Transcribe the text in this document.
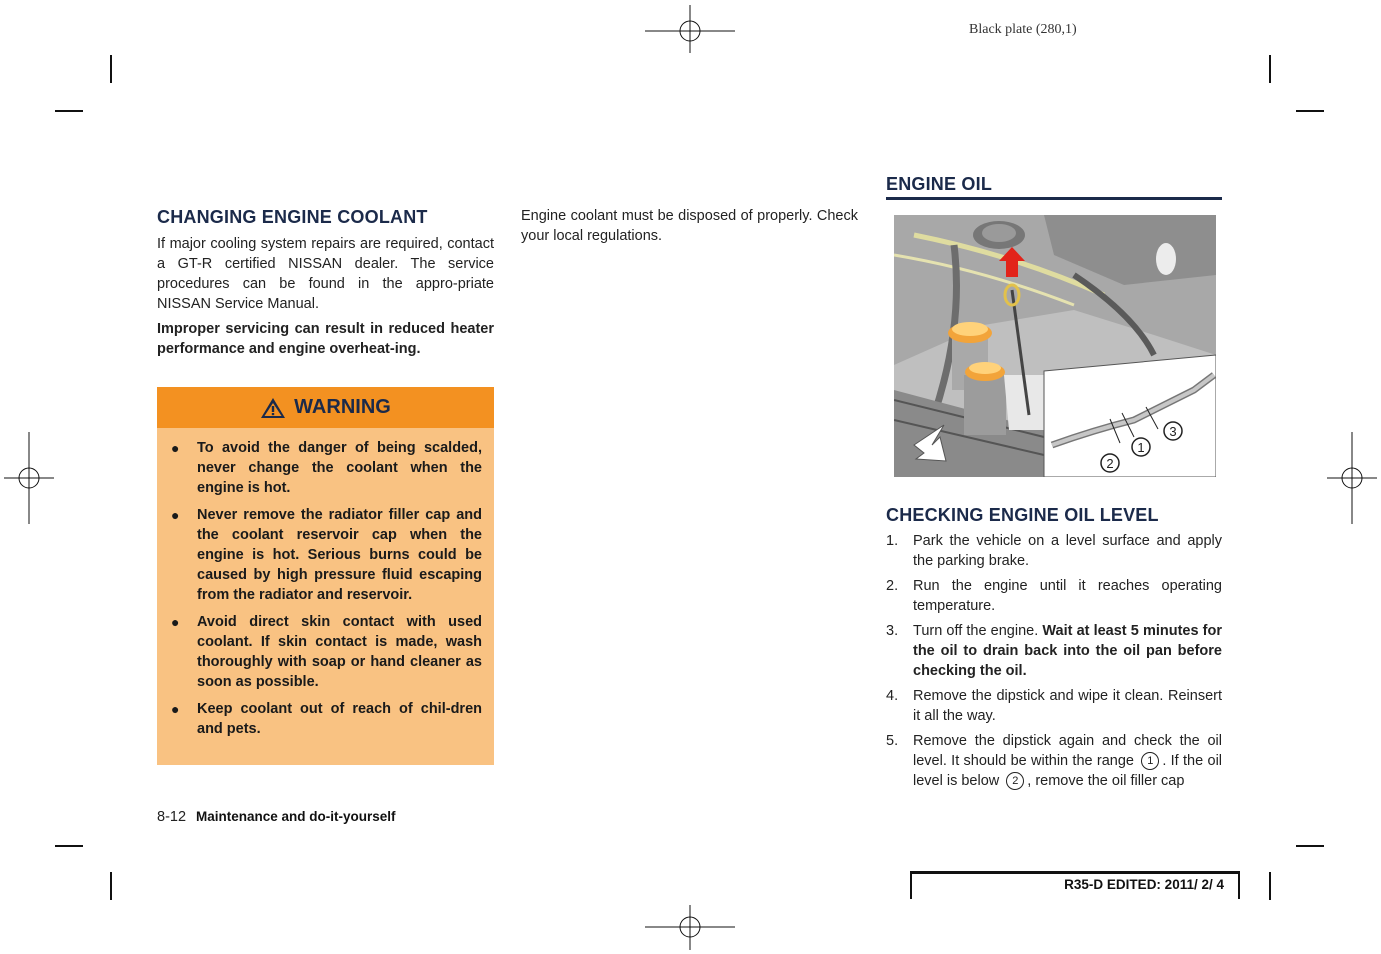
Black plate (280,1)
CHANGING ENGINE COOLANT

If major cooling system repairs are required, contact a GT-R certified NISSAN dealer. The service procedures can be found in the appro-priate NISSAN Service Manual.

Improper servicing can result in reduced heater performance and engine overheat-ing.

WARNING
● To avoid the danger of being scalded, never change the coolant when the engine is hot.
● Never remove the radiator filler cap and the coolant reservoir cap when the engine is hot. Serious burns could be caused by high pressure fluid escaping from the radiator and reservoir.
● Avoid direct skin contact with used coolant. If skin contact is made, wash thoroughly with soap or hand cleaner as soon as possible.
● Keep coolant out of reach of chil-dren and pets.

Engine coolant must be disposed of properly. Check your local regulations.

ENGINE OIL
1
2
3
CHECKING ENGINE OIL LEVEL
1. Park the vehicle on a level surface and apply the parking brake.
2. Run the engine until it reaches operating temperature.
3. Turn off the engine. Wait at least 5 minutes for the oil to drain back into the oil pan before checking the oil.
4. Remove the dipstick and wipe it clean. Reinsert it all the way.
5. Remove the dipstick again and check the oil level. It should be within the range 1 . If the oil level is below 2 , remove the oil filler cap
8-12 Maintenance and do-it-yourself
R35-D EDITED: 2011/ 2/ 4
